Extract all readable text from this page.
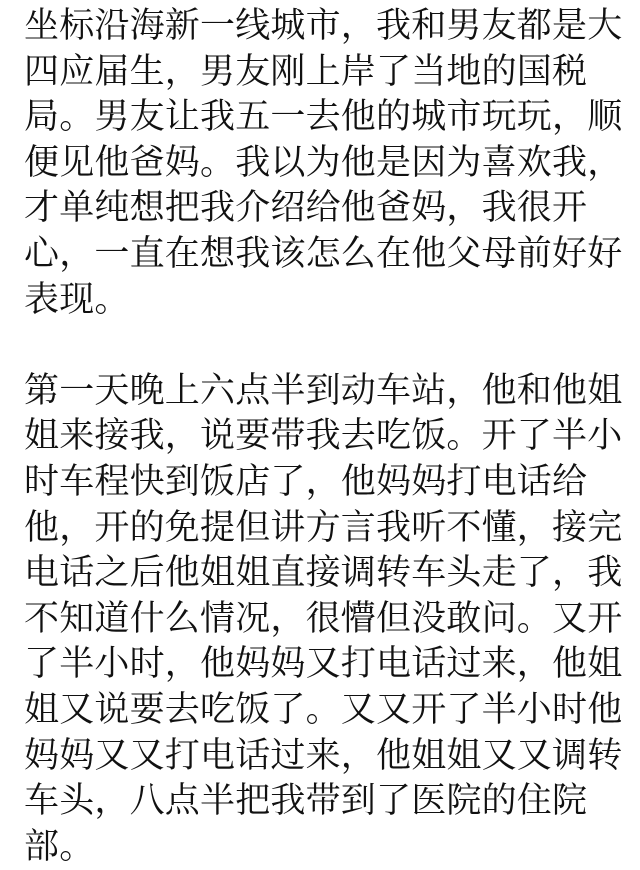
坐标沿海新一线城市，我和男友都是大
四应届生，男友刚上岸了当地的国税
局。男友让我五一去他的城市玩玩，顺
便见他爸妈。我以为他是因为喜欢我，
才单纯想把我介绍给他爸妈，我很开
心，一直在想我该怎么在他父母前好好
表现。
第一天晚上六点半到动车站，他和他姐
姐来接我，说要带我去吃饭。开了半小
时车程快到饭店了，他妈妈打电话给
他，开的免提但讲方言我听不懂，接完
电话之后他姐姐直接调转车头走了，我
不知道什么情况，很懵但没敢问。又开
了半小时，他妈妈又打电话过来，他姐
姐又说要去吃饭了。又又开了半小时他
妈妈又又打电话过来，他姐姐又又调转
车头，八点半把我带到了医院的住院
部。
